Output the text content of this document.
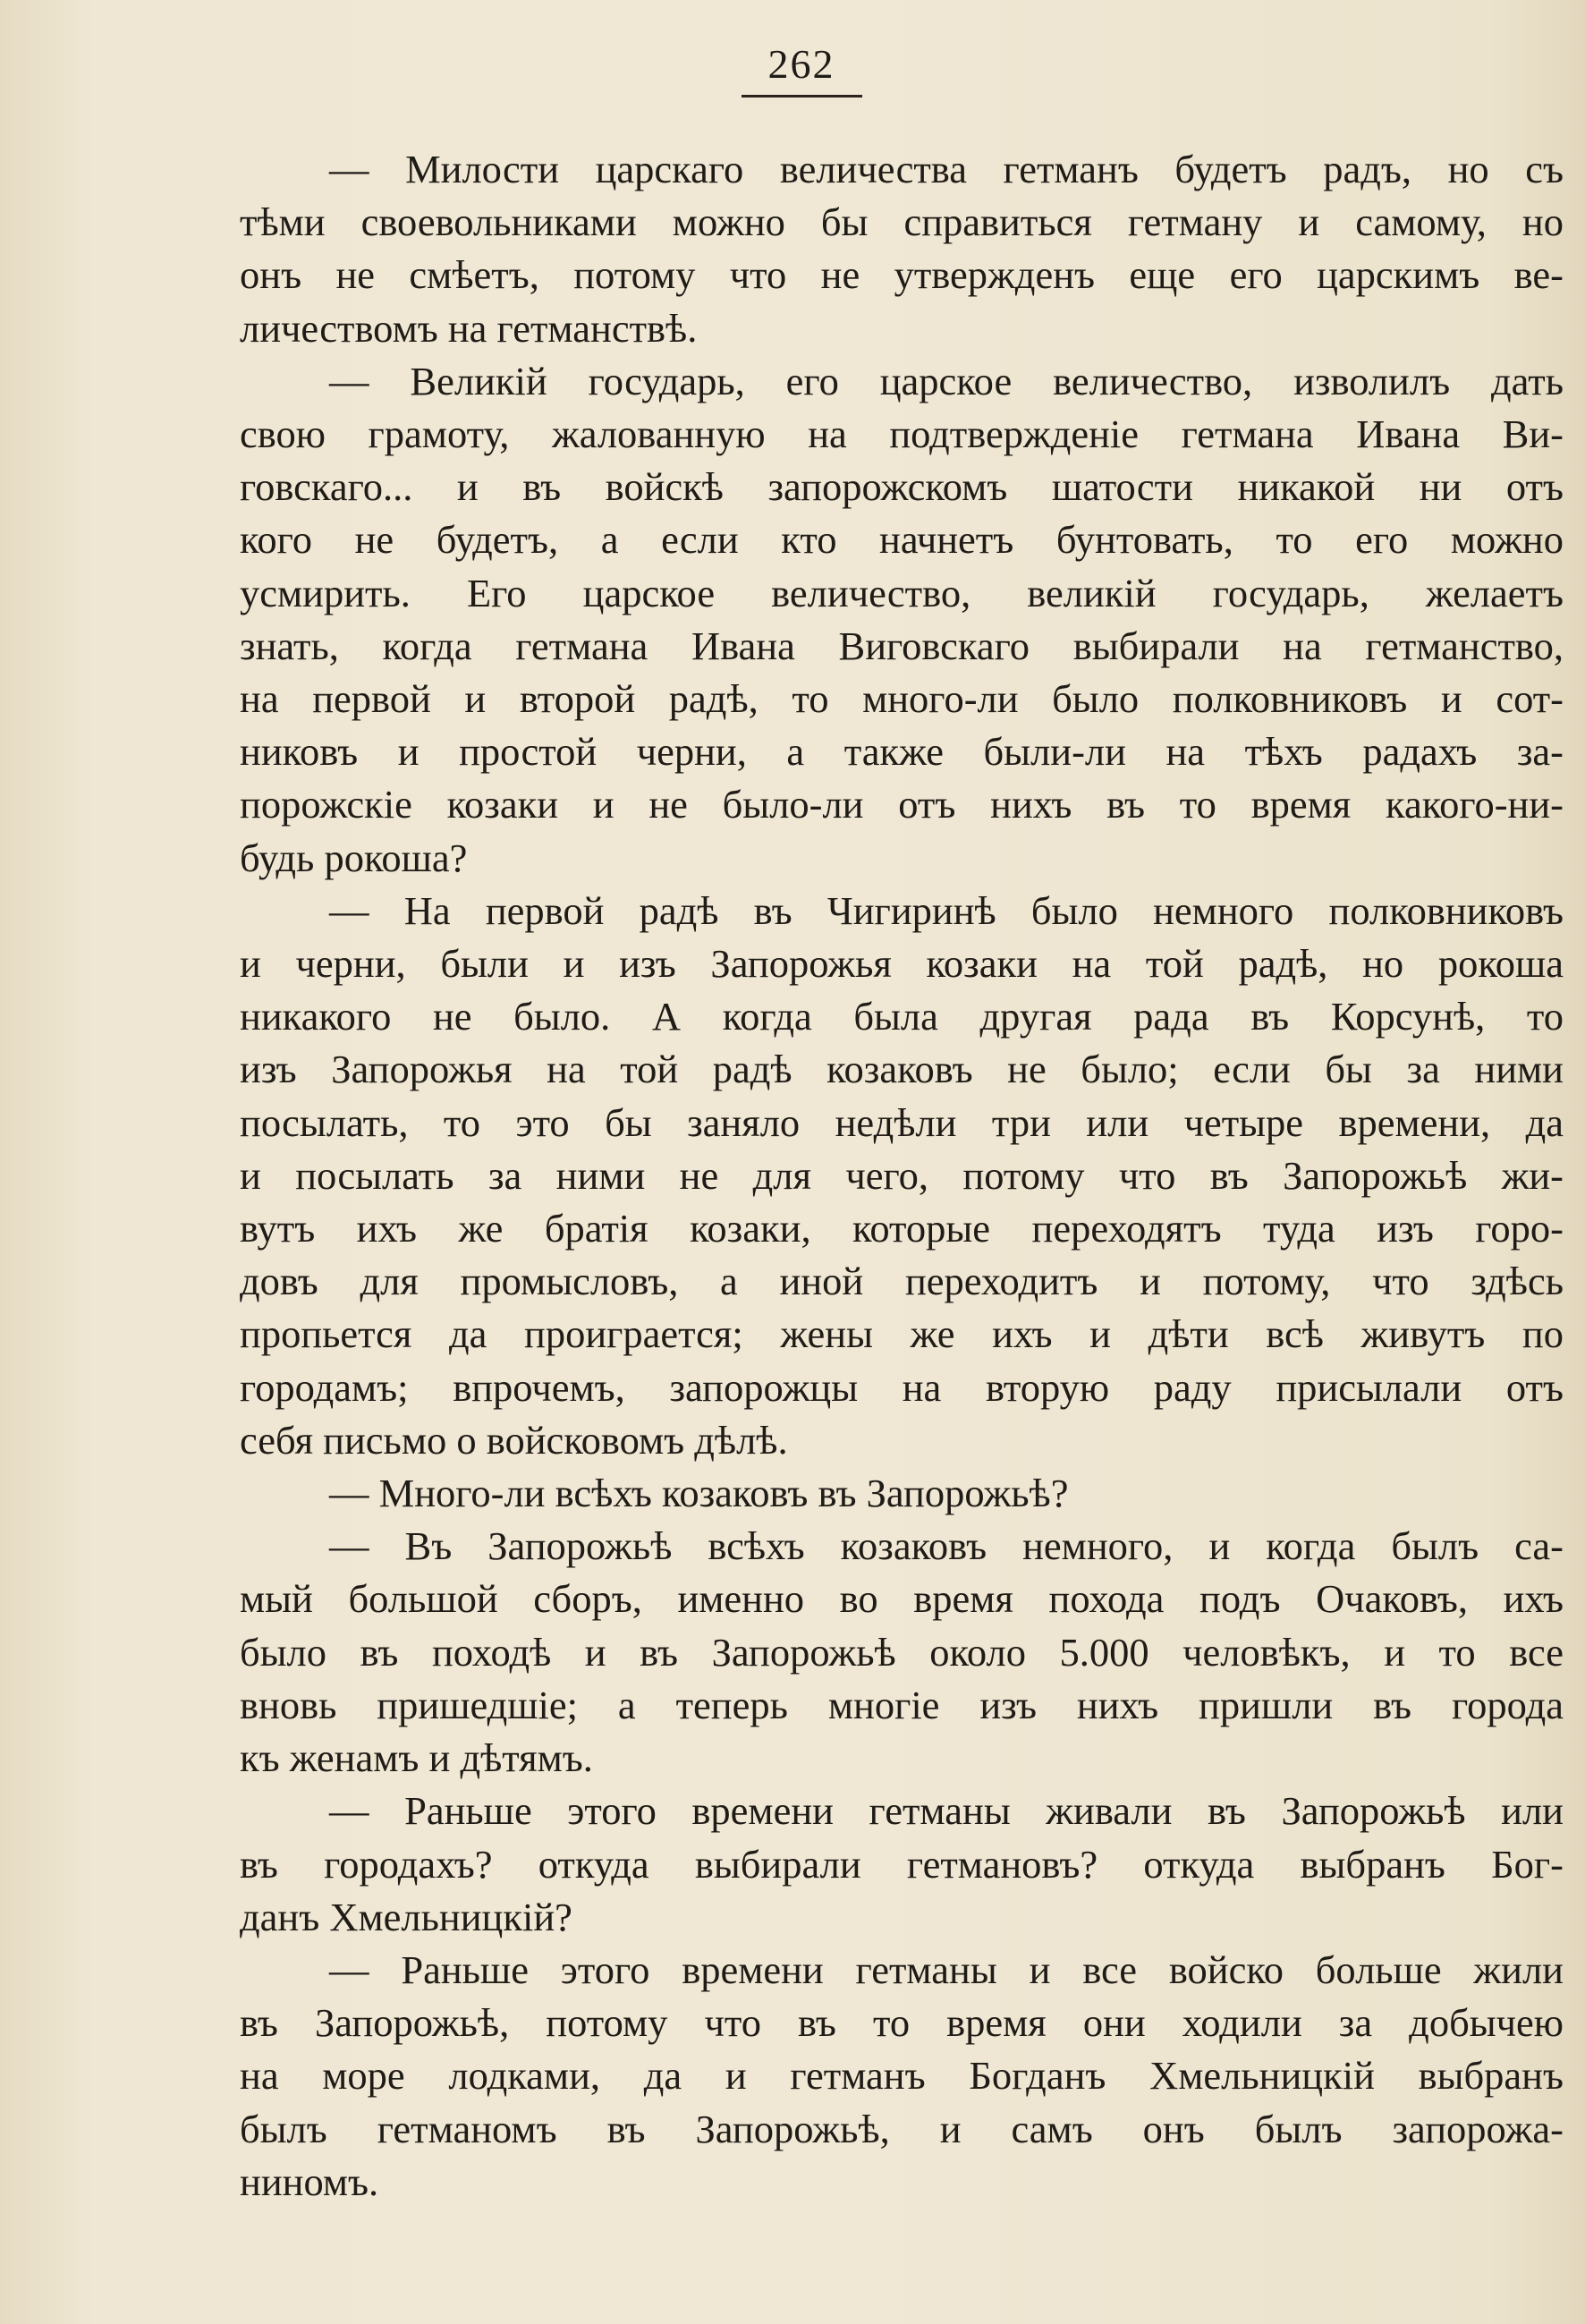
262

— Милости царскаго величества гетманъ будетъ радъ, но съ
тѣми своевольниками можно бы справиться гетману и самому, но
онъ не смѣетъ, потому что не утвержденъ еще его царскимъ ве-
личествомъ на гетманствѣ.

— Великій государь, его царское величество, изволилъ дать
свою грамоту, жалованную на подтвержденіе гетмана Ивана Ви-
говскаго... и въ войскѣ запорожскомъ шатости никакой ни отъ
кого не будетъ, а если кто начнетъ бунтовать, то его можно
усмирить. Его царское величество, великій государь, желаетъ
знать, когда гетмана Ивана Виговскаго выбирали на гетманство,
на первой и второй радѣ, то много-ли было полковниковъ и сот-
никовъ и простой черни, а также были-ли на тѣхъ радахъ за-
порожскіе козаки и не было-ли отъ нихъ въ то время какого-ни-
будь рокоша?

— На первой радѣ въ Чигиринѣ было немного полковниковъ
и черни, были и изъ Запорожья козаки на той радѣ, но рокоша
никакого не было. А когда была другая рада въ Корсунѣ, то
изъ Запорожья на той радѣ козаковъ не было; если бы за ними
посылать, то это бы заняло недѣли три или четыре времени, да
и посылать за ними не для чего, потому что въ Запорожьѣ жи-
вутъ ихъ же братія козаки, которые переходятъ туда изъ горо-
довъ для промысловъ, а иной переходитъ и потому, что здѣсь
пропьется да проиграется; жены же ихъ и дѣти всѣ живутъ по
городамъ; впрочемъ, запорожцы на вторую раду присылали отъ
себя письмо о войсковомъ дѣлѣ.

— Много-ли всѣхъ козаковъ въ Запорожьѣ?

— Въ Запорожьѣ всѣхъ козаковъ немного, и когда былъ са-
мый большой сборъ, именно во время похода подъ Очаковъ, ихъ
было въ походѣ и въ Запорожьѣ около 5.000 человѣкъ, и то все
вновь пришедшіе; а теперь многіе изъ нихъ пришли въ города
къ женамъ и дѣтямъ.

— Раньше этого времени гетманы живали въ Запорожьѣ или
въ городахъ? откуда выбирали гетмановъ? откуда выбранъ Бог-
данъ Хмельницкій?

— Раньше этого времени гетманы и все войско больше жили
въ Запорожьѣ, потому что въ то время они ходили за добычею
на море лодками, да и гетманъ Богданъ Хмельницкій выбранъ
былъ гетманомъ въ Запорожьѣ, и самъ онъ былъ запорожа-
ниномъ.
